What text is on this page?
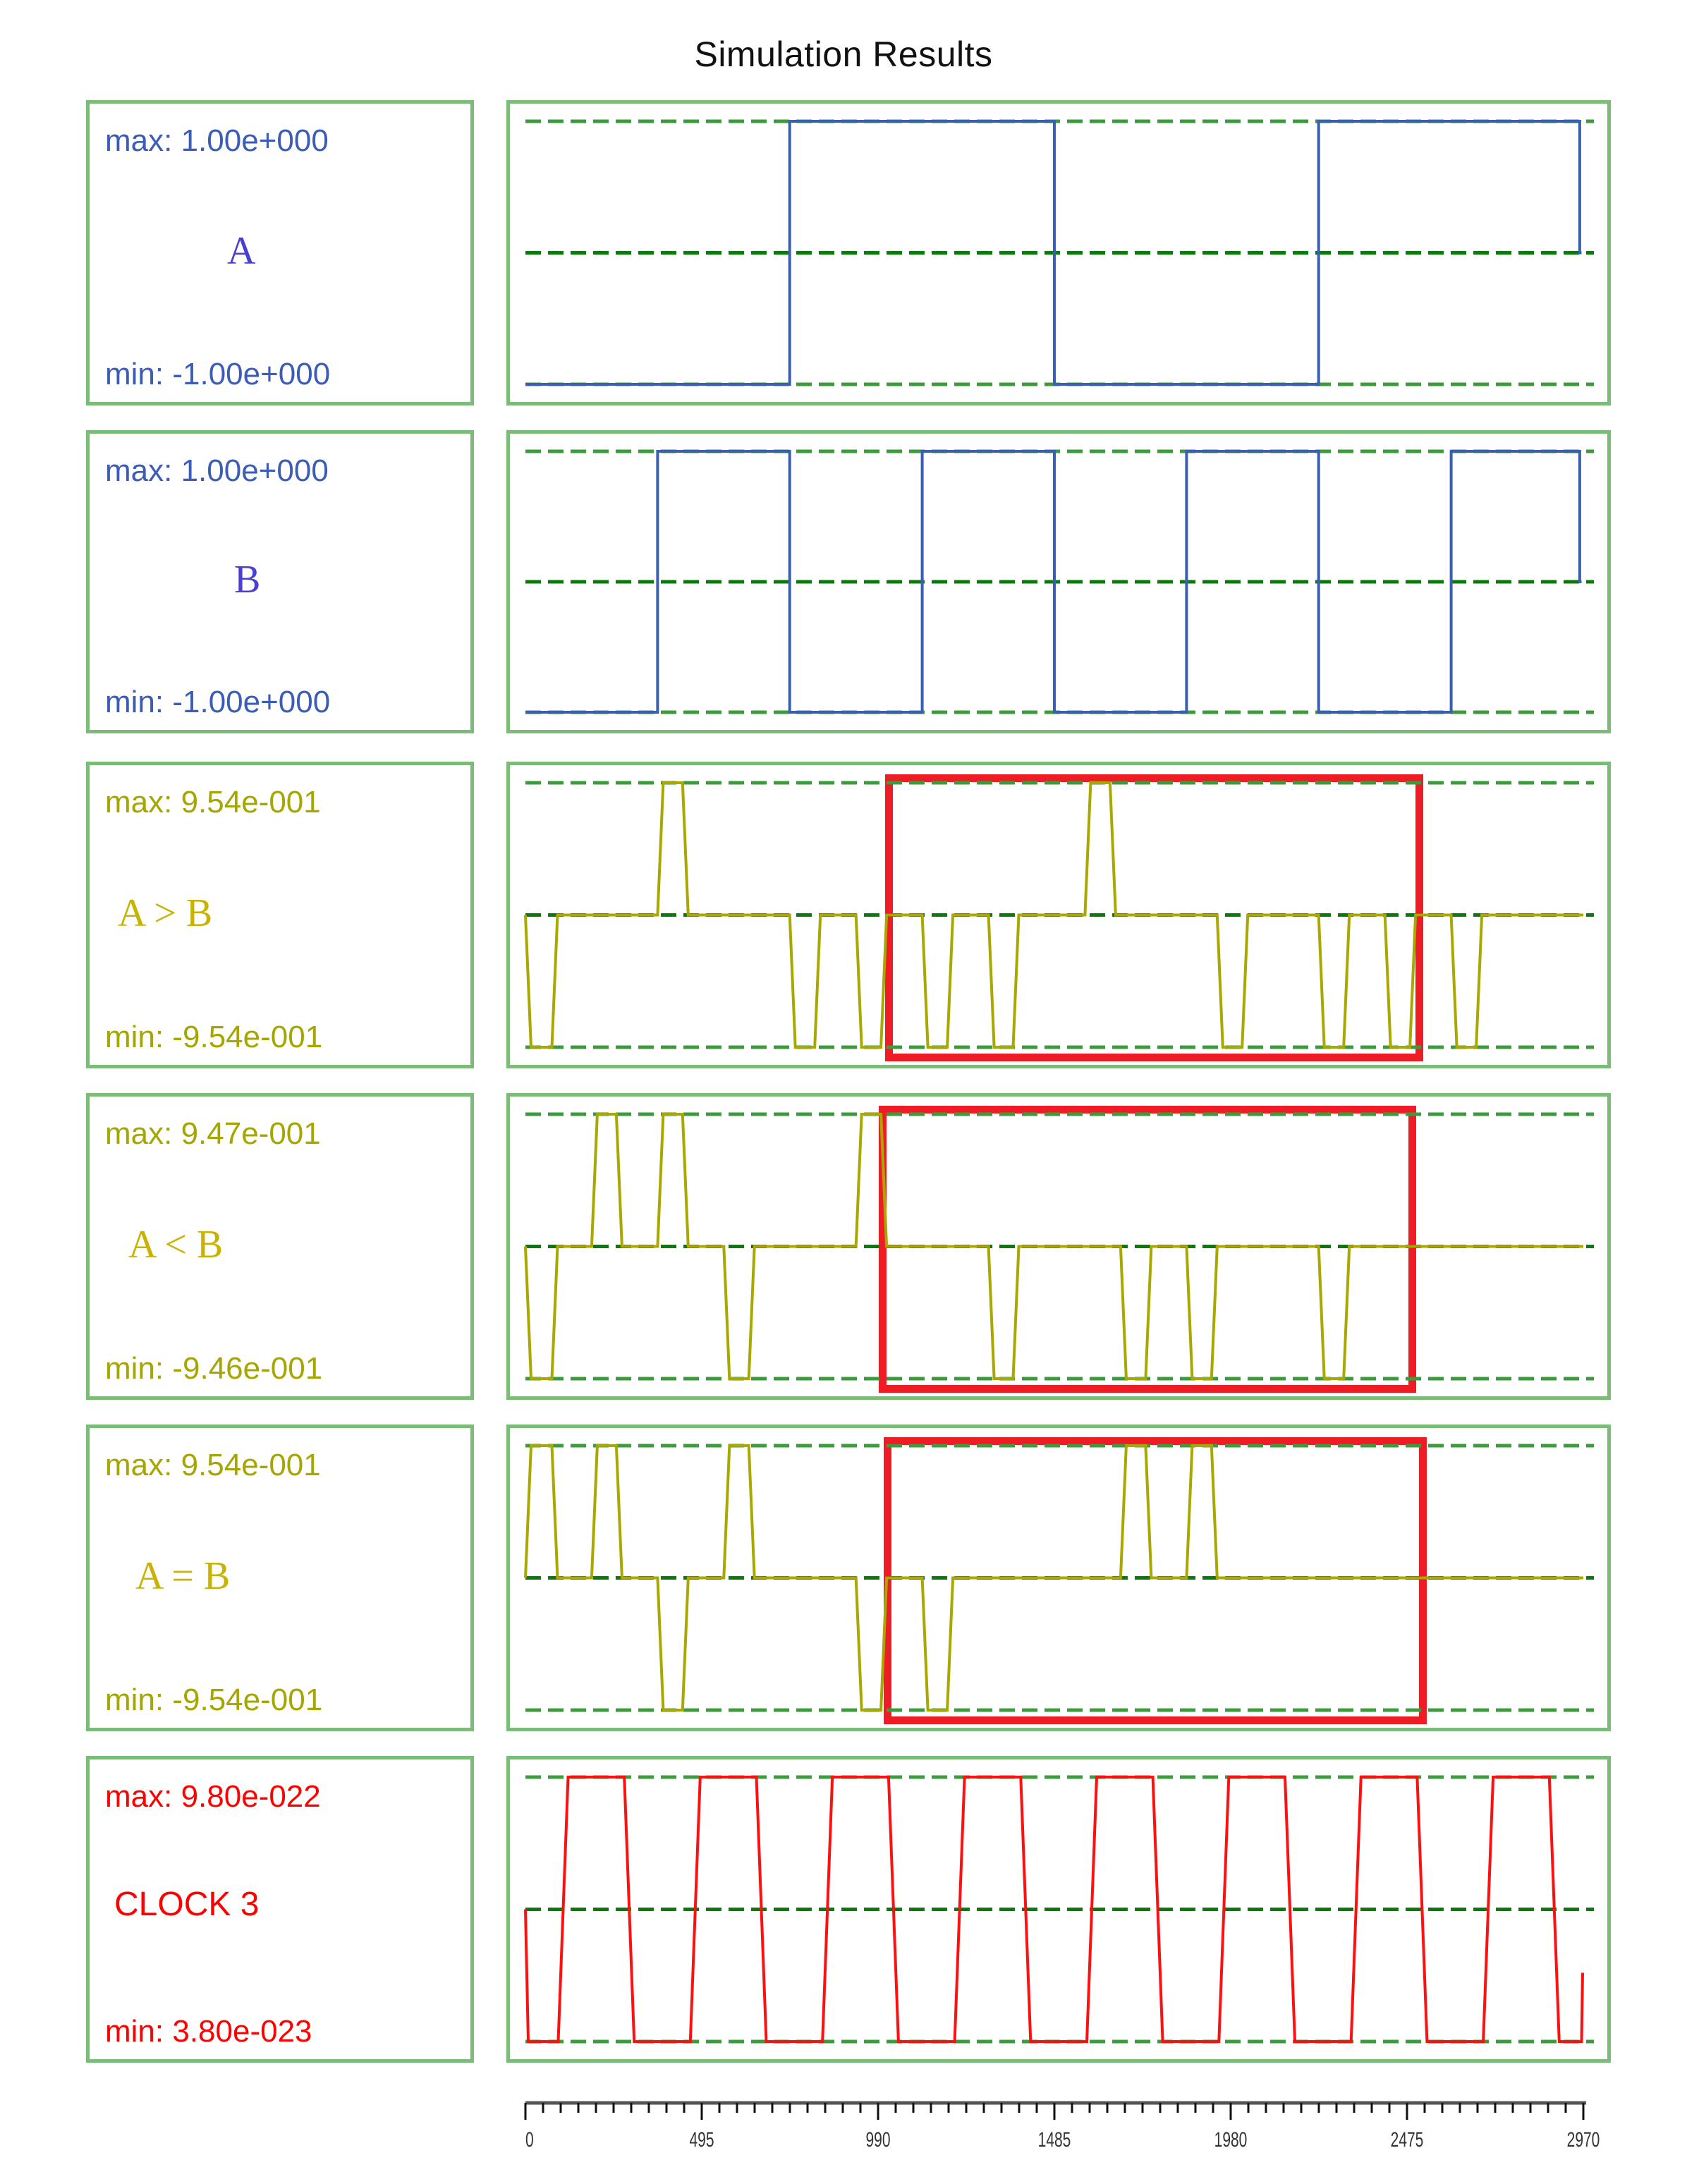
Simulation Results
max: 1.00e+000
A
min: -1.00e+000
max: 1.00e+000
B
min: -1.00e+000
max: 9.54e-001
A > B
min: -9.54e-001
max: 9.47e-001
A < B
min: -9.46e-001
max: 9.54e-001
A = B
min: -9.54e-001
max: 9.80e-022
CLOCK 3
min: 3.80e-023
0	495	990	1485	1980	2475	2970
